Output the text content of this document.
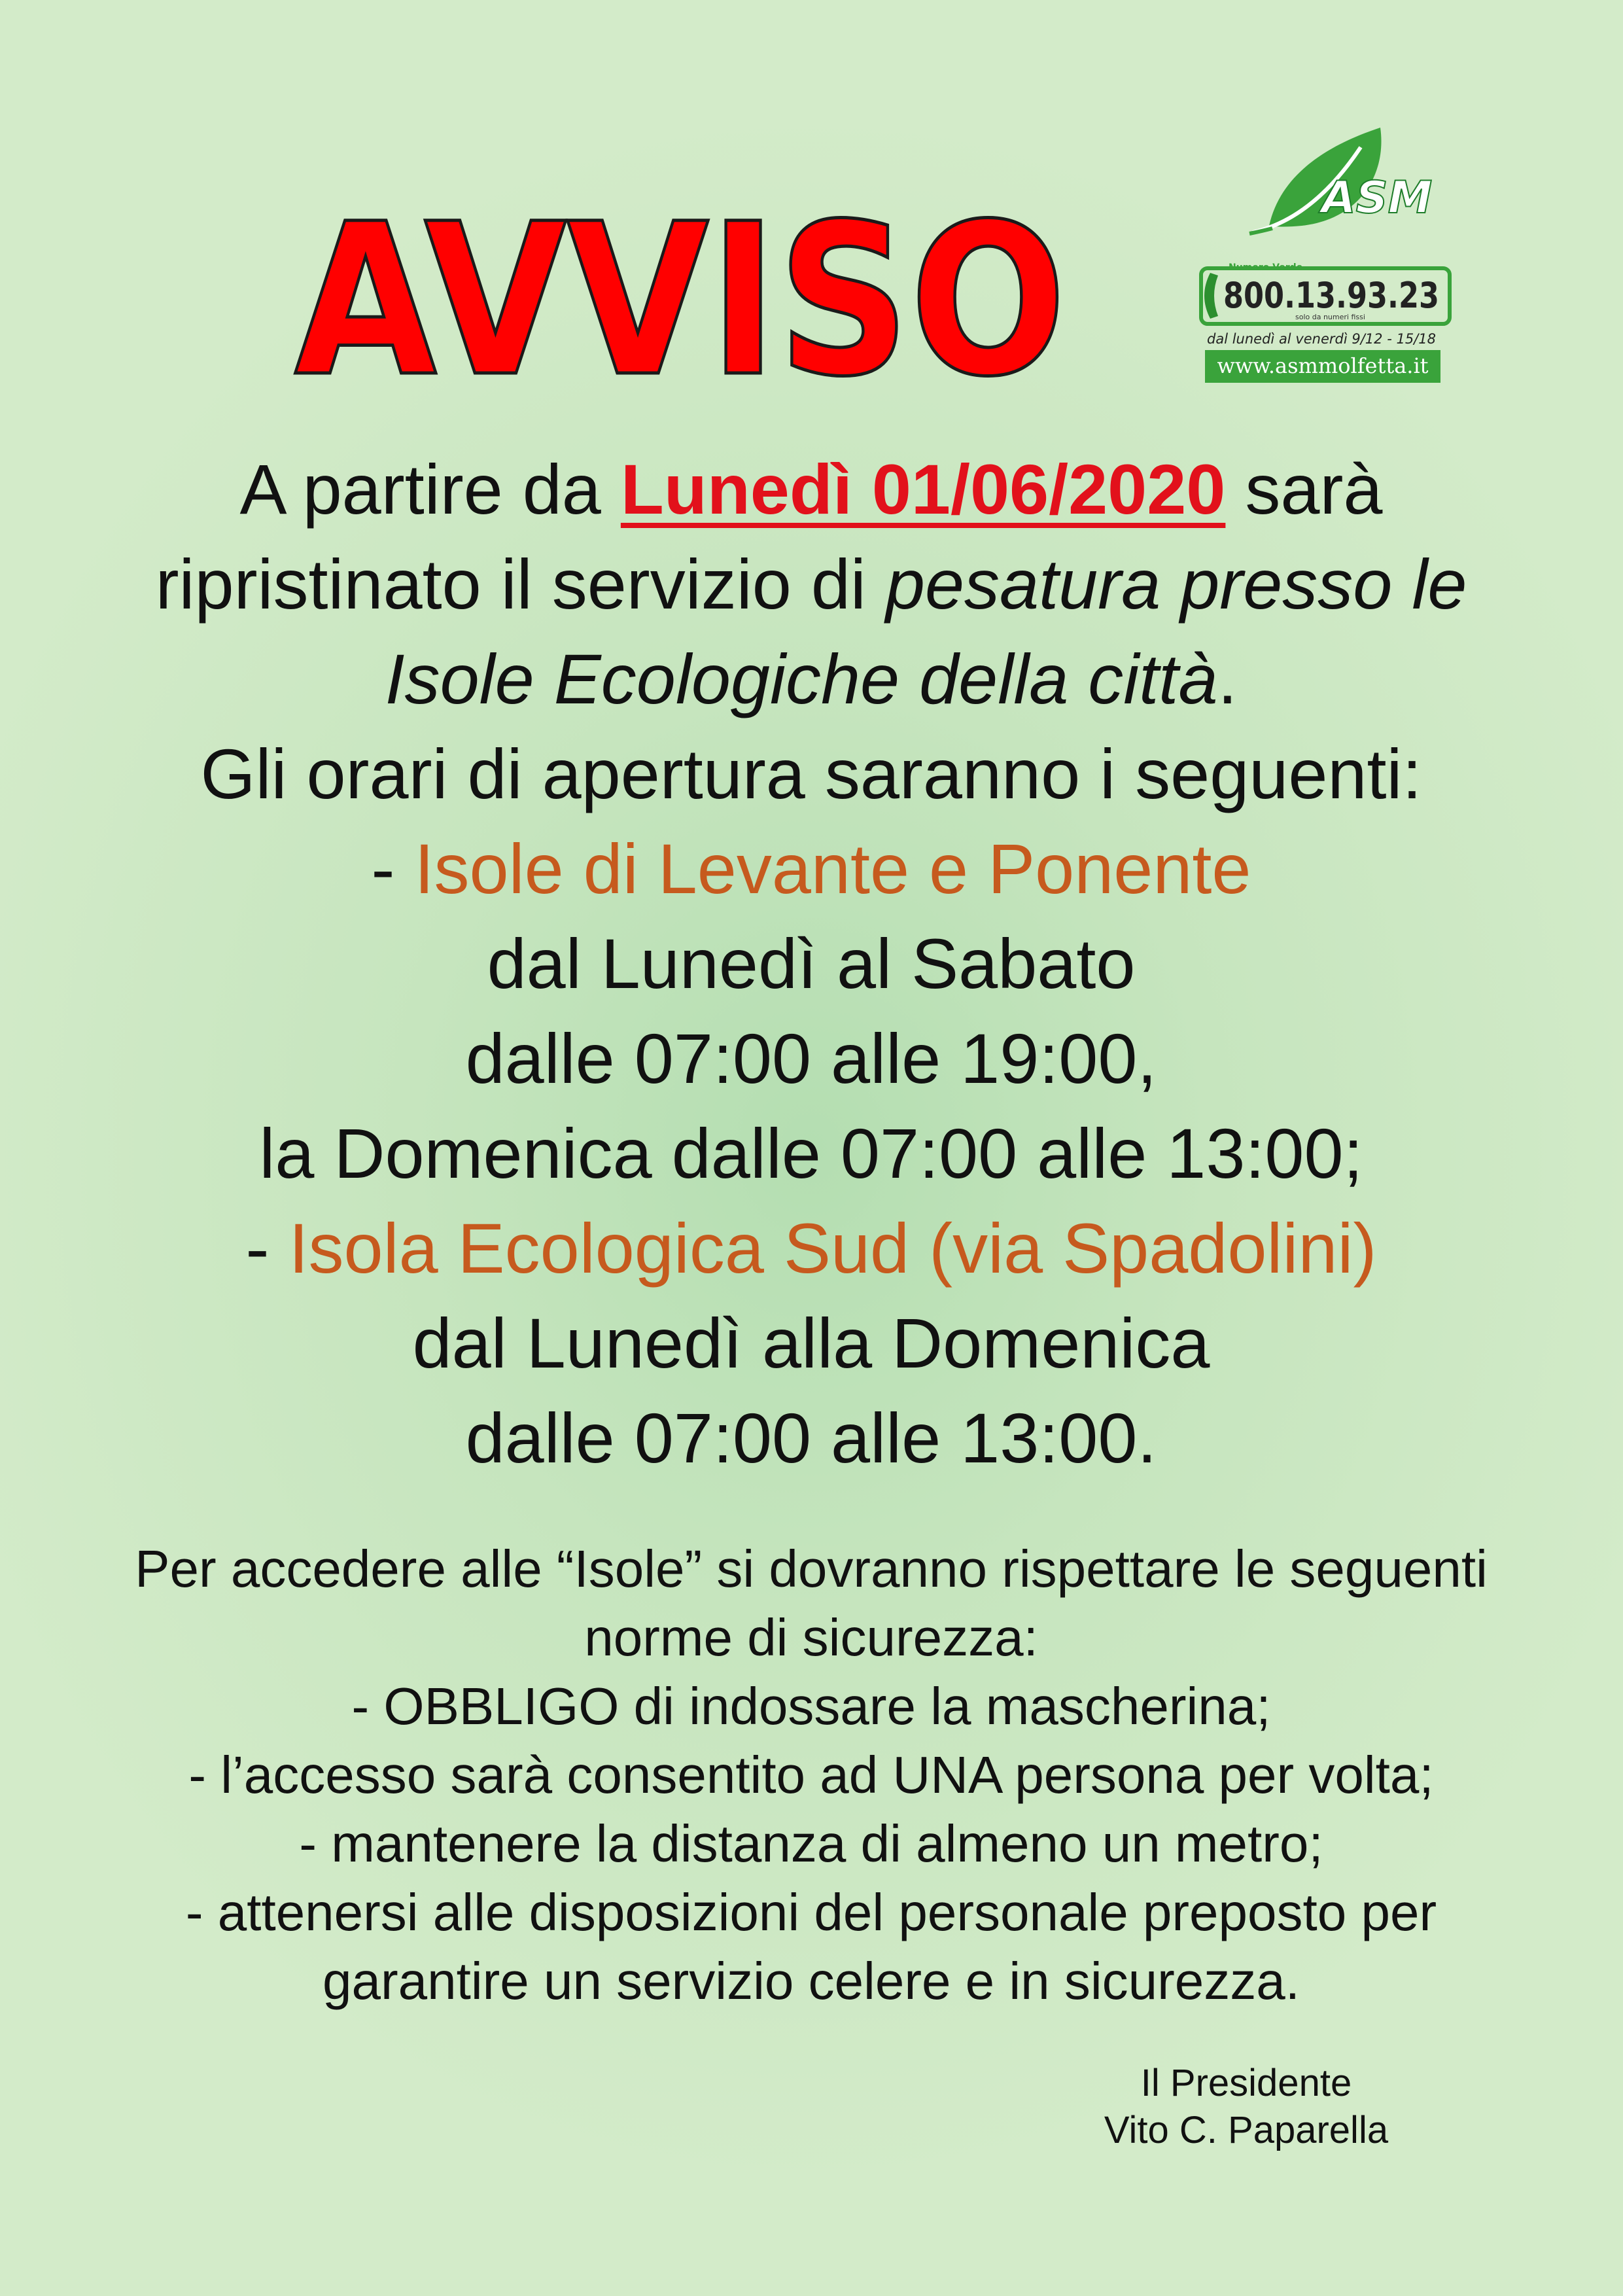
AVVISO	ASM
Numero Verde
800.13.93.23
solo da numeri fissi
dal lunedì al venerdì 9/12 - 15/18
www.asmmolfetta.it
A partire da Lunedì 01/06/2020 sarà
ripristinato il servizio di pesatura presso le
Isole Ecologiche della città.
Gli orari di apertura saranno i seguenti:
- Isole di Levante e Ponente
dal Lunedì al Sabato
dalle 07:00 alle 19:00,
la Domenica dalle 07:00 alle 13:00;
- Isola Ecologica Sud (via Spadolini)
dal Lunedì alla Domenica
dalle 07:00 alle 13:00.
Per accedere alle “Isole” si dovranno rispettare le seguenti
norme di sicurezza:
- OBBLIGO di indossare la mascherina;
- l’accesso sarà consentito ad UNA persona per volta;
- mantenere la distanza di almeno un metro;
- attenersi alle disposizioni del personale preposto per
garantire un servizio celere e in sicurezza.
Il Presidente
Vito C. Paparella
